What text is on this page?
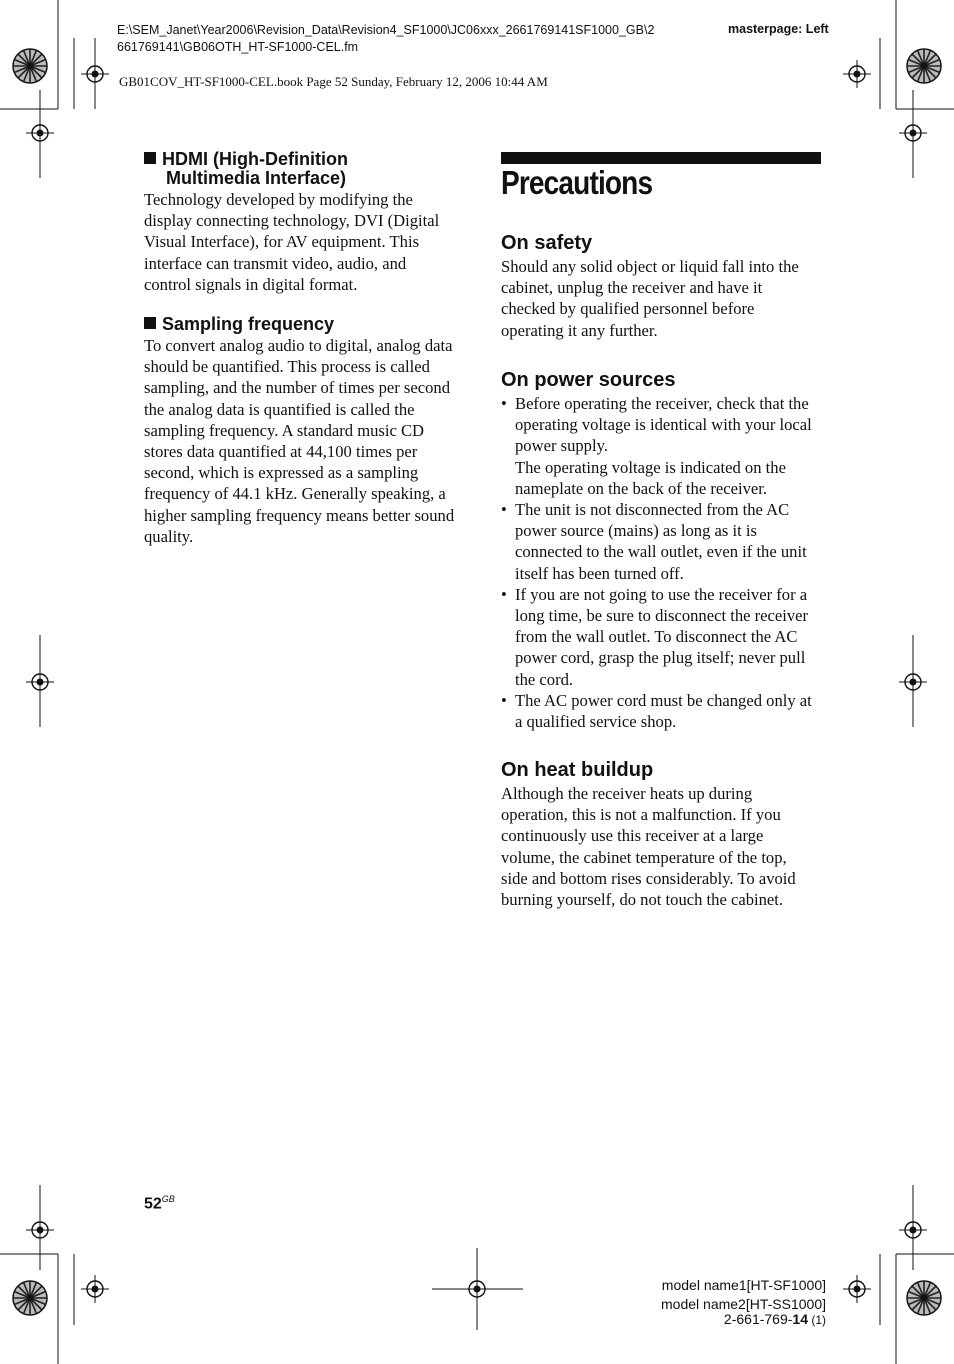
E:\SEM_Janet\Year2006\Revision_Data\Revision4_SF1000\JC06xxx_2661769141SF1000_GB\2
661769141\GB06OTH_HT-SF1000-CEL.fm
masterpage: Left
GB01COV_HT-SF1000-CEL.book Page 52 Sunday, February 12, 2006 10:44 AM
HDMI (High-Definition
Multimedia Interface)
Technology developed by modifying the
display connecting technology, DVI (Digital
Visual Interface), for AV equipment. This
interface can transmit video, audio, and
control signals in digital format.
Sampling frequency
To convert analog audio to digital, analog data
should be quantified. This process is called
sampling, and the number of times per second
the analog data is quantified is called the
sampling frequency. A standard music CD
stores data quantified at 44,100 times per
second, which is expressed as a sampling
frequency of 44.1 kHz. Generally speaking, a
higher sampling frequency means better sound
quality.
Precautions
On safety
Should any solid object or liquid fall into the
cabinet, unplug the receiver and have it
checked by qualified personnel before
operating it any further.
On power sources
• Before operating the receiver, check that the
operating voltage is identical with your local
power supply.
The operating voltage is indicated on the
nameplate on the back of the receiver.
• The unit is not disconnected from the AC
power source (mains) as long as it is
connected to the wall outlet, even if the unit
itself has been turned off.
• If you are not going to use the receiver for a
long time, be sure to disconnect the receiver
from the wall outlet. To disconnect the AC
power cord, grasp the plug itself; never pull
the cord.
• The AC power cord must be changed only at
a qualified service shop.
On heat buildup
Although the receiver heats up during
operation, this is not a malfunction. If you
continuously use this receiver at a large
volume, the cabinet temperature of the top,
side and bottom rises considerably. To avoid
burning yourself, do not touch the cabinet.
$52^{GB}$
model name1[HT-SF1000]
model name2[HT-SS1000]
2-661-769-14 (1)
